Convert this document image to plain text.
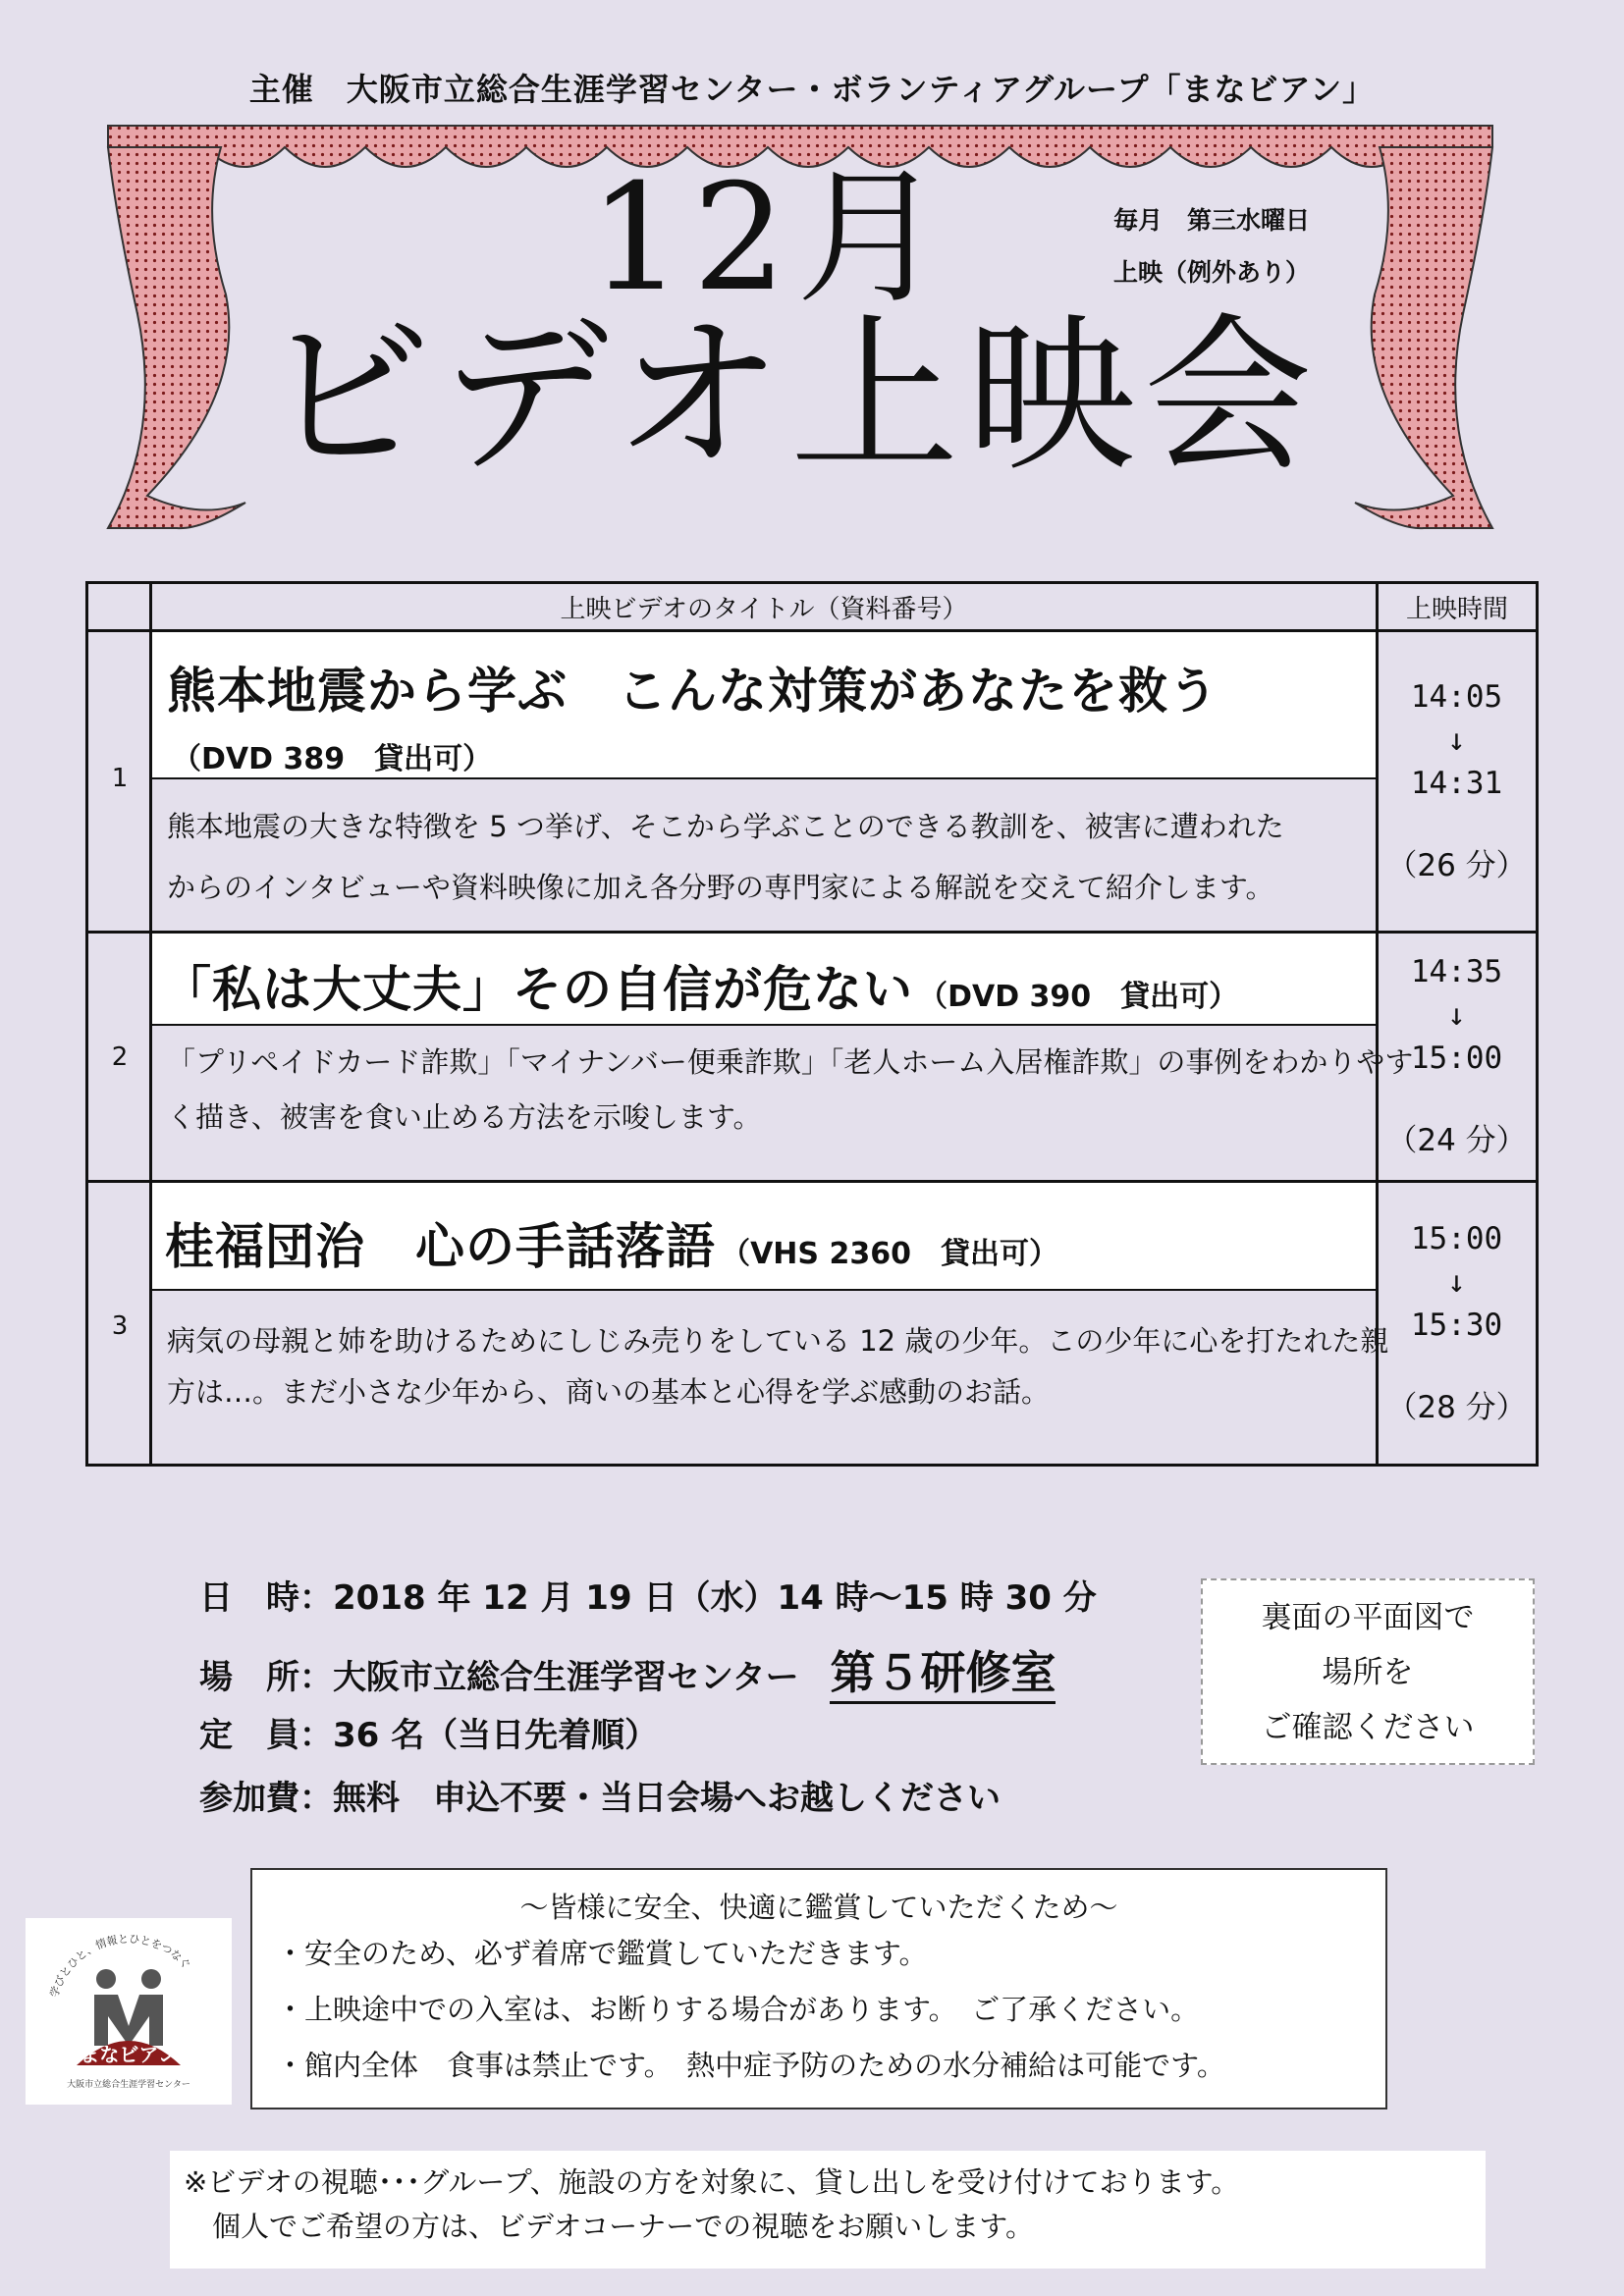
主催　大阪市立総合生涯学習センター・ボランティアグループ「まなビアン」
12月
ビデオ上映会
毎月　第三水曜日
上映（例外あり）
上映ビデオのタイトル（資料番号）	上映時間
熊本地震から学ぶ　こんな対策があなたを救う
（DVD 389　貸出可）
熊本地震の大きな特徴を 5 つ挙げ、そこから学ぶことのできる教訓を、被害に遭われた
からのインタビューや資料映像に加え各分野の専門家による解説を交えて紹介します。
1
14:05
↓
14:31
（26 分）
「私は大丈夫」その自信が危ない （DVD 390　貸出可）
「プリペイドカード詐欺」「マイナンバー便乗詐欺」「老人ホーム入居権詐欺」の事例をわかりやす
く描き、被害を食い止める方法を示唆します。
2
14:35
↓
15:00
（24 分）
桂福団治　心の手話落語 （VHS 2360　貸出可）
病気の母親と姉を助けるためにしじみ売りをしている 12 歳の少年。この少年に心を打たれた親
方は…。まだ小さな少年から、商いの基本と心得を学ぶ感動のお話。
3
15:00
↓
15:30
（28 分）
日　時：2018 年 12 月 19 日（水）14 時～15 時 30 分
場　所：大阪市立総合生涯学習センター 第５研修室
定　員：36 名（当日先着順）
参加費：無料　申込不要・当日会場へお越しください
裏面の平面図で
場所を
ご確認ください
～皆様に安全、快適に鑑賞していただくため～
・安全のため、必ず着席で鑑賞していただきます。
・上映途中での入室は、お断りする場合があります。　ご了承ください。
・館内全体　食事は禁止です。　熱中症予防のための水分補給は可能です。
学びとひと、情報とひとをつなぐ
まなビアン
大阪市立総合生涯学習センター
※ビデオの視聴･･･グループ、施設の方を対象に、貸し出しを受け付けております。
　個人でご希望の方は、ビデオコーナーでの視聴をお願いします。
